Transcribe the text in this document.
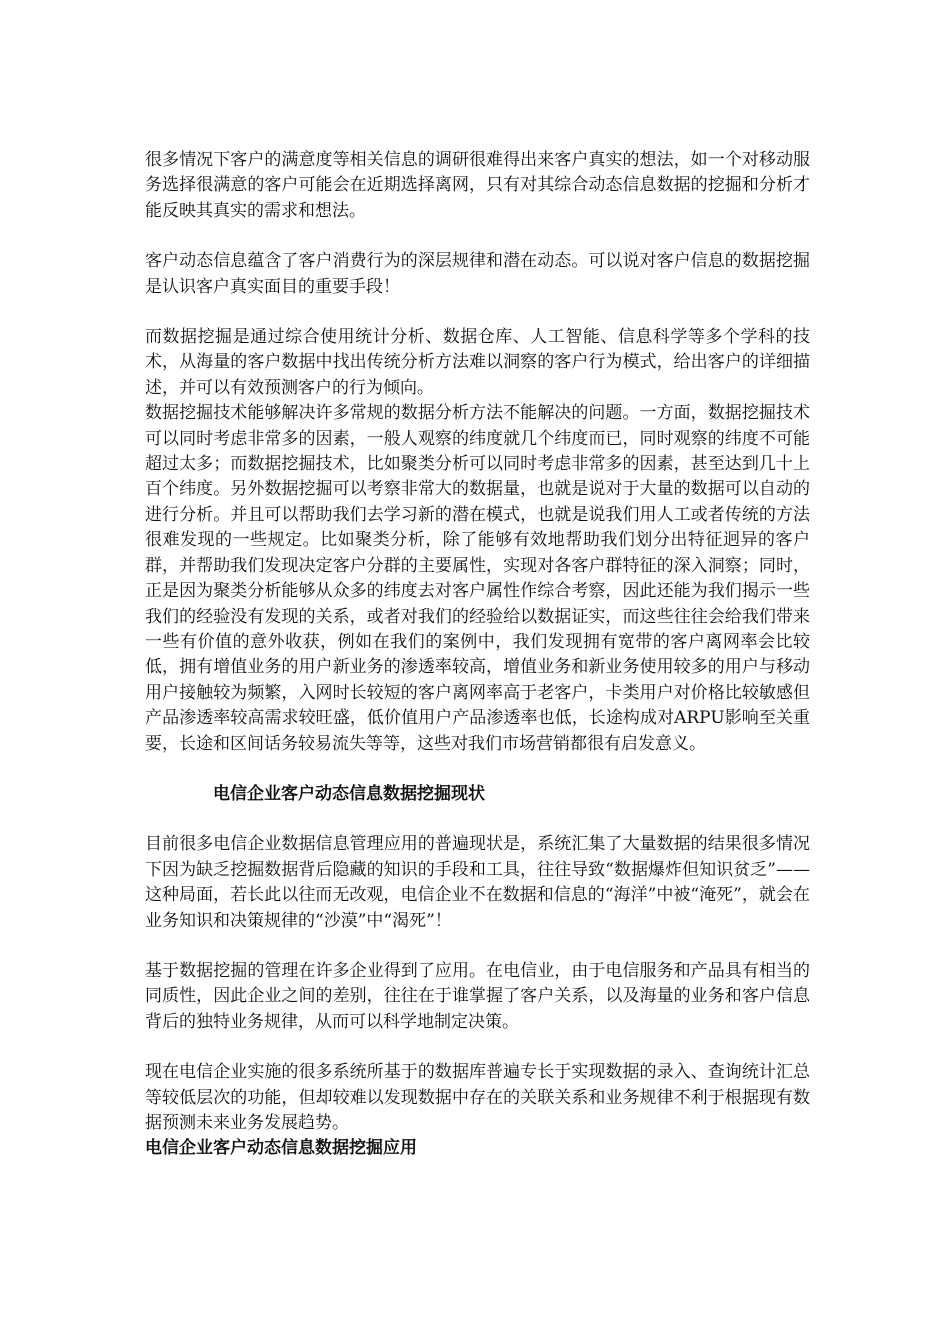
很多情况下客户的满意度等相关信息的调研很难得出来客户真实的想法，如一个对移动服务选择很满意的客户可能会在近期选择离网，只有对其综合动态信息数据的挖掘和分析才能反映其真实的需求和想法。

客户动态信息蕴含了客户消费行为的深层规律和潜在动态。可以说对客户信息的数据挖掘是认识客户真实面目的重要手段！

而数据挖掘是通过综合使用统计分析、数据仓库、人工智能、信息科学等多个学科的技术，从海量的客户数据中找出传统分析方法难以洞察的客户行为模式，给出客户的详细描述，并可以有效预测客户的行为倾向。

数据挖掘技术能够解决许多常规的数据分析方法不能解决的问题。一方面，数据挖掘技术可以同时考虑非常多的因素，一般人观察的纬度就几个纬度而已，同时观察的纬度不可能超过太多；而数据挖掘技术，比如聚类分析可以同时考虑非常多的因素，甚至达到几十上百个纬度。另外数据挖掘可以考察非常大的数据量，也就是说对于大量的数据可以自动的进行分析。并且可以帮助我们去学习新的潜在模式，也就是说我们用人工或者传统的方法很难发现的一些规定。比如聚类分析，除了能够有效地帮助我们划分出特征迥异的客户群，并帮助我们发现决定客户分群的主要属性，实现对各客户群特征的深入洞察；同时，正是因为聚类分析能够从众多的纬度去对客户属性作综合考察，因此还能为我们揭示一些我们的经验没有发现的关系，或者对我们的经验给以数据证实，而这些往往会给我们带来一些有价值的意外收获，例如在我们的案例中，我们发现拥有宽带的客户离网率会比较低，拥有增值业务的用户新业务的渗透率较高，增值业务和新业务使用较多的用户与移动用户接触较为频繁，入网时长较短的客户离网率高于老客户，卡类用户对价格比较敏感但产品渗透率较高需求较旺盛，低价值用户产品渗透率也低，长途构成对ARPU影响至关重要，长途和区间话务较易流失等等，这些对我们市场营销都很有启发意义。

电信企业客户动态信息数据挖掘现状

目前很多电信企业数据信息管理应用的普遍现状是，系统汇集了大量数据的结果很多情况下因为缺乏挖掘数据背后隐藏的知识的手段和工具，往往导致“数据爆炸但知识贫乏”——这种局面，若长此以往而无改观，电信企业不在数据和信息的“海洋”中被“淹死”，就会在业务知识和决策规律的“沙漠”中“渴死”！

基于数据挖掘的管理在许多企业得到了应用。在电信业，由于电信服务和产品具有相当的同质性，因此企业之间的差别，往往在于谁掌握了客户关系，以及海量的业务和客户信息背后的独特业务规律，从而可以科学地制定决策。

现在电信企业实施的很多系统所基于的数据库普遍专长于实现数据的录入、查询统计汇总等较低层次的功能，但却较难以发现数据中存在的关联关系和业务规律不利于根据现有数据预测未来业务发展趋势。

电信企业客户动态信息数据挖掘应用
